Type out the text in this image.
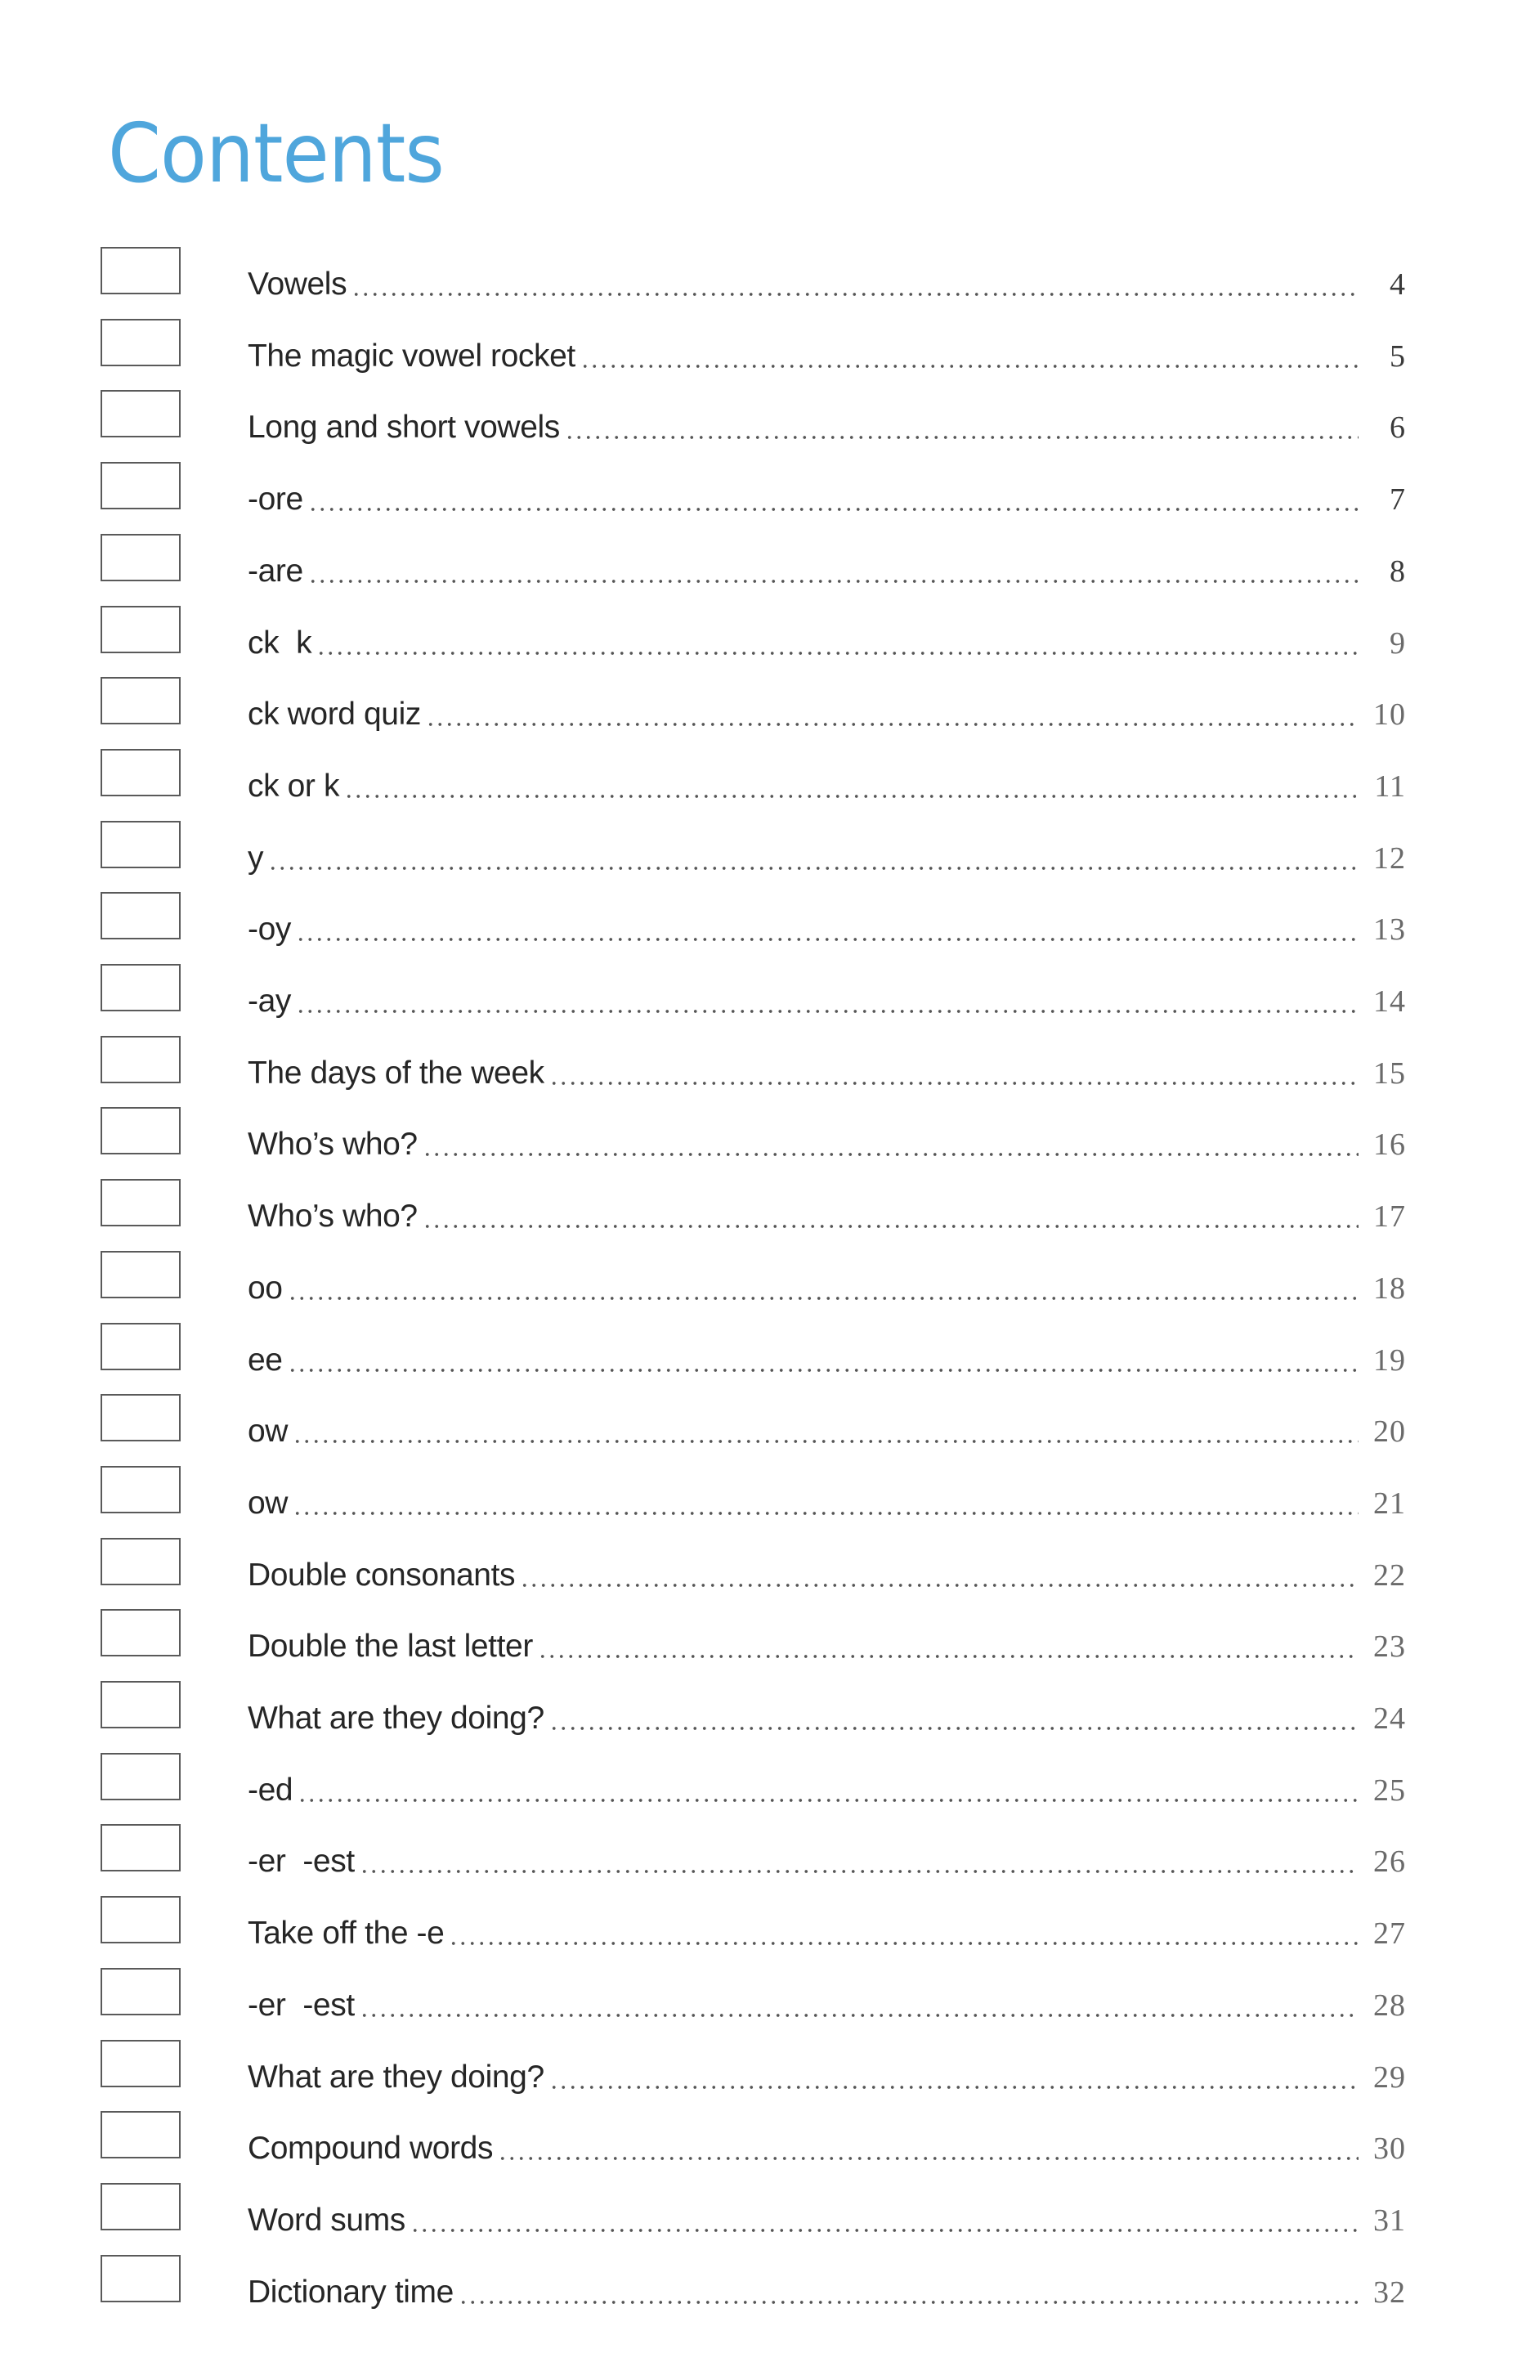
Contents
Vowels	4
The magic vowel rocket	5
Long and short vowels	6
-ore	7
-are	8
ck  k	9
ck word quiz	10
ck or k	11
y	12
-oy	13
-ay	14
The days of the week	15
Who’s who?	16
Who’s who?	17
oo	18
ee	19
ow	20
ow	21
Double consonants	22
Double the last letter	23
What are they doing?	24
-ed	25
-er  -est	26
Take off the -e	27
-er  -est	28
What are they doing?	29
Compound words	30
Word sums	31
Dictionary time	32
